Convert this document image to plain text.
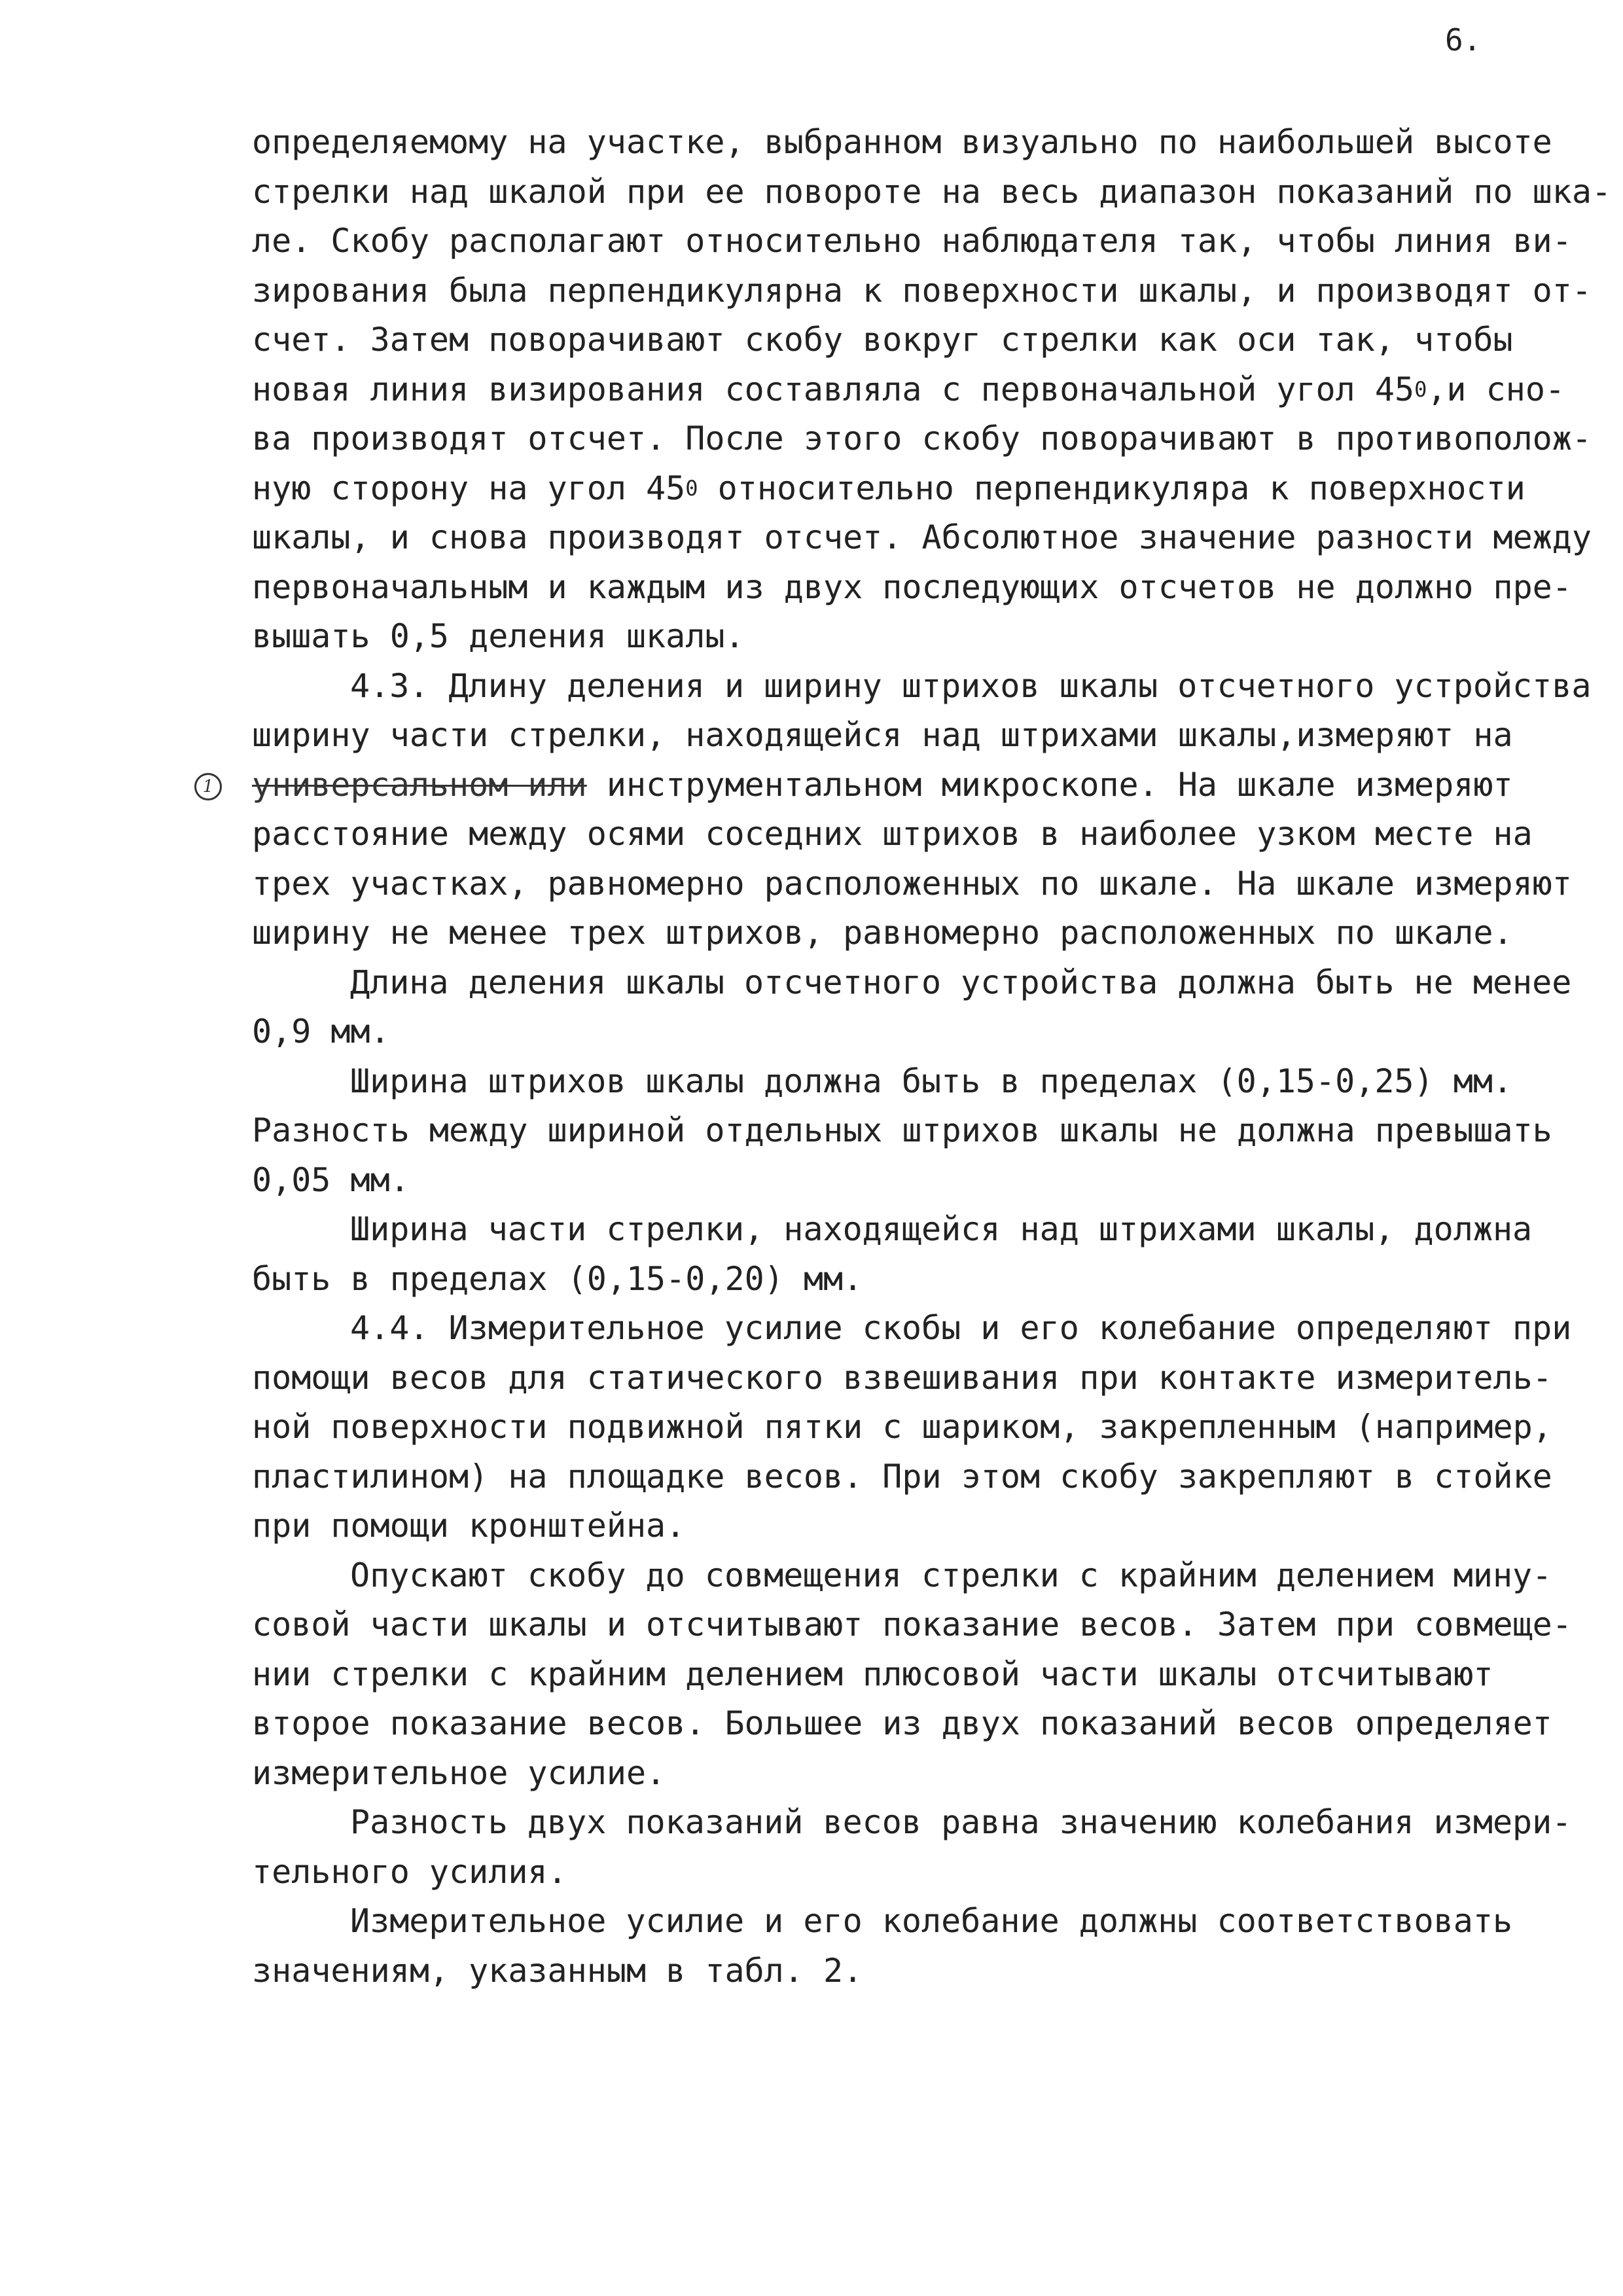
6.
определяемому на участке, выбранном визуально по наибольшей высоте
стрелки над шкалой при ее повороте на весь диапазон показаний по шка-
ле. Скобу располагают относительно наблюдателя так, чтобы линия ви-
зирования была перпендикулярна к поверхности шкалы, и производят от-
счет. Затем поворачивают скобу вокруг стрелки как оси так, чтобы
новая линия визирования составляла с первоначальной угол $45^0,и$ сно-
ва производят отсчет. После этого скобу поворачивают в противополож-
ную сторону на угол $45^0$ относительно перпендикуляра к поверхности
шкалы, и снова производят отсчет. Абсолютное значение разности между
первоначальным и каждым из двух последующих отсчетов не должно пре-
вышать 0,5 деления шкалы.
4.3. Длину деления и ширину штрихов шкалы отсчетного устройства
ширину части стрелки, находящейся над штрихами шкалы,измеряют на
1 универсальном или инструментальном микроскопе. На шкале измеряют
расстояние между осями соседних штрихов в наиболее узком месте на
трех участках, равномерно расположенных по шкале. На шкале измеряют
ширину не менее трех штрихов, равномерно расположенных по шкале.
Длина деления шкалы отсчетного устройства должна быть не менее
0,9 мм.
Ширина штрихов шкалы должна быть в пределах (0,15-0,25) мм.
Разность между шириной отдельных штрихов шкалы не должна превышать
0,05 мм.
Ширина части стрелки, находящейся над штрихами шкалы, должна
быть в пределах (0,15-0,20) мм.
4.4. Измерительное усилие скобы и его колебание определяют при
помощи весов для статического взвешивания при контакте измеритель-
ной поверхности подвижной пятки с шариком, закрепленным (например,
пластилином) на площадке весов. При этом скобу закрепляют в стойке
при помощи кронштейна.
Опускают скобу до совмещения стрелки с крайним делением мину-
совой части шкалы и отсчитывают показание весов. Затем при совмеще-
нии стрелки с крайним делением плюсовой части шкалы отсчитывают
второе показание весов. Большее из двух показаний весов определяет
измерительное усилие.
Разность двух показаний весов равна значению колебания измери-
тельного усилия.
Измерительное усилие и его колебание должны соответствовать
значениям, указанным в табл. 2.
